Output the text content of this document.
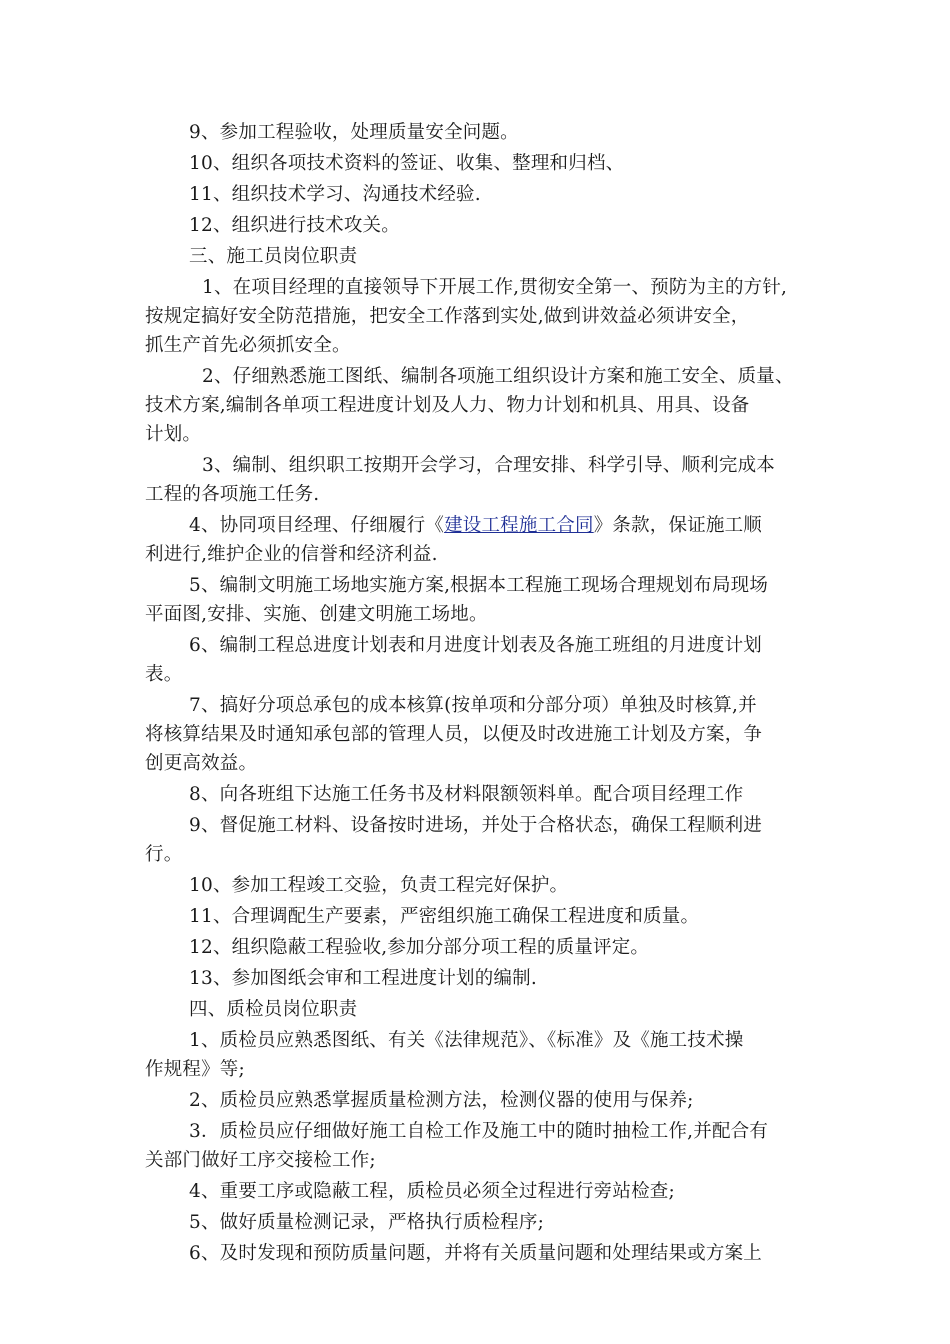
9、参加工程验收，处理质量安全问题。
10、组织各项技术资料的签证、收集、整理和归档、
11、组织技术学习、沟通技术经验.
12、组织进行技术攻关。
三、施工员岗位职责
1、在项目经理的直接领导下开展工作,贯彻安全第一、预防为主的方针,
按规定搞好安全防范措施，把安全工作落到实处,做到讲效益必须讲安全，
抓生产首先必须抓安全。
2、仔细熟悉施工图纸、编制各项施工组织设计方案和施工安全、质量、
技术方案,编制各单项工程进度计划及人力、物力计划和机具、用具、设备
计划。
3、编制、组织职工按期开会学习，合理安排、科学引导、顺利完成本
工程的各项施工任务.
4、协同项目经理、仔细履行《建设工程施工合同》条款，保证施工顺
利进行,维护企业的信誉和经济利益.
5、编制文明施工场地实施方案,根据本工程施工现场合理规划布局现场
平面图,安排、实施、创建文明施工场地。
6、编制工程总进度计划表和月进度计划表及各施工班组的月进度计划
表。
7、搞好分项总承包的成本核算(按单项和分部分项）单独及时核算,并
将核算结果及时通知承包部的管理人员，以便及时改进施工计划及方案，争
创更高效益。
8、向各班组下达施工任务书及材料限额领料单。配合项目经理工作
9、督促施工材料、设备按时进场，并处于合格状态，确保工程顺利进
行。
10、参加工程竣工交验，负责工程完好保护。
11、合理调配生产要素，严密组织施工确保工程进度和质量。
12、组织隐蔽工程验收,参加分部分项工程的质量评定。
13、参加图纸会审和工程进度计划的编制.
四、质检员岗位职责
1、质检员应熟悉图纸、有关《法律规范》、《标准》及《施工技术操
作规程》等;
2、质检员应熟悉掌握质量检测方法，检测仪器的使用与保养;
3．质检员应仔细做好施工自检工作及施工中的随时抽检工作,并配合有
关部门做好工序交接检工作;
4、重要工序或隐蔽工程，质检员必须全过程进行旁站检查;
5、做好质量检测记录，严格执行质检程序;
6、及时发现和预防质量问题，并将有关质量问题和处理结果或方案上
